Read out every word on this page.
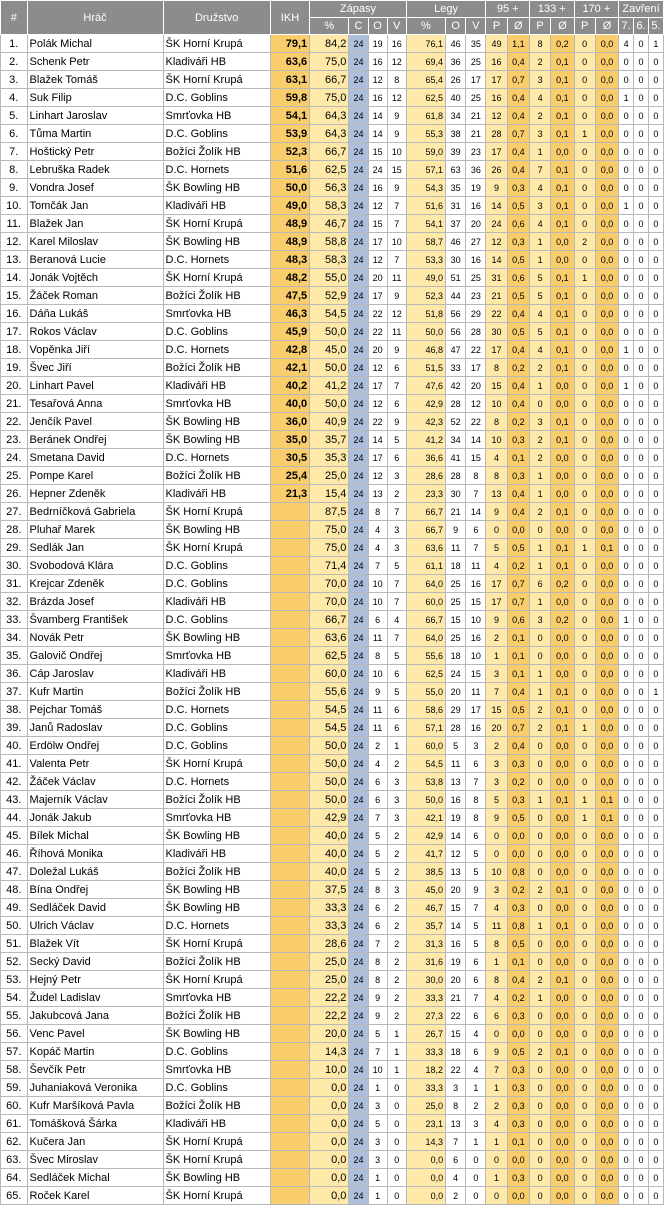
#	Hráč	Družstvo	IKH	Zápasy				Legy			95 +		133 +		170 +		Zavření		
				%	C	O	V	%	O	V	P	Ø	P	Ø	P	Ø	7.	6.	5.
1.	Polák Michal	ŠK Horní Krupá	79,1	84,2	24	19	16	76,1	46	35	49	1,1	8	0,2	0	0,0	4	0	1
2.	Schenk Petr	Kladiváři HB	63,6	75,0	24	16	12	69,4	36	25	16	0,4	2	0,1	0	0,0	0	0	0
3.	Blažek Tomáš	ŠK Horní Krupá	63,1	66,7	24	12	8	65,4	26	17	17	0,7	3	0,1	0	0,0	0	0	0
4.	Suk Filip	D.C. Goblins	59,8	75,0	24	16	12	62,5	40	25	16	0,4	4	0,1	0	0,0	1	0	0
5.	Linhart Jaroslav	Smrťovka HB	54,1	64,3	24	14	9	61,8	34	21	12	0,4	2	0,1	0	0,0	0	0	0
6.	Tůma Martin	D.C. Goblins	53,9	64,3	24	14	9	55,3	38	21	28	0,7	3	0,1	1	0,0	0	0	0
7.	Hoštický Petr	Božíci Žolík HB	52,3	66,7	24	15	10	59,0	39	23	17	0,4	1	0,0	0	0,0	0	0	0
8.	Lebruška Radek	D.C. Hornets	51,6	62,5	24	24	15	57,1	63	36	26	0,4	7	0,1	0	0,0	0	0	0
9.	Vondra Josef	ŠK Bowling HB	50,0	56,3	24	16	9	54,3	35	19	9	0,3	4	0,1	0	0,0	0	0	0
10.	Tomčák Jan	Kladiváři HB	49,0	58,3	24	12	7	51,6	31	16	14	0,5	3	0,1	0	0,0	1	0	0
11.	Blažek Jan	ŠK Horní Krupá	48,9	46,7	24	15	7	54,1	37	20	24	0,6	4	0,1	0	0,0	0	0	0
12.	Karel Miloslav	ŠK Bowling HB	48,9	58,8	24	17	10	58,7	46	27	12	0,3	1	0,0	2	0,0	0	0	0
13.	Beranová Lucie	D.C. Hornets	48,3	58,3	24	12	7	53,3	30	16	14	0,5	1	0,0	0	0,0	0	0	0
14.	Jonák Vojtěch	ŠK Horní Krupá	48,2	55,0	24	20	11	49,0	51	25	31	0,6	5	0,1	1	0,0	0	0	0
15.	Žáček Roman	Božíci Žolík HB	47,5	52,9	24	17	9	52,3	44	23	21	0,5	5	0,1	0	0,0	0	0	0
16.	Dáňa Lukáš	Smrťovka HB	46,3	54,5	24	22	12	51,8	56	29	22	0,4	4	0,1	0	0,0	0	0	0
17.	Rokos Václav	D.C. Goblins	45,9	50,0	24	22	11	50,0	56	28	30	0,5	5	0,1	0	0,0	0	0	0
18.	Vopěnka Jiří	D.C. Hornets	42,8	45,0	24	20	9	46,8	47	22	17	0,4	4	0,1	0	0,0	1	0	0
19.	Švec Jiří	Božíci Žolík HB	42,1	50,0	24	12	6	51,5	33	17	8	0,2	2	0,1	0	0,0	0	0	0
20.	Linhart Pavel	Kladiváři HB	40,2	41,2	24	17	7	47,6	42	20	15	0,4	1	0,0	0	0,0	1	0	0
21.	Tesařová Anna	Smrťovka HB	40,0	50,0	24	12	6	42,9	28	12	10	0,4	0	0,0	0	0,0	0	0	0
22.	Jenčík Pavel	ŠK Bowling HB	36,0	40,9	24	22	9	42,3	52	22	8	0,2	3	0,1	0	0,0	0	0	0
23.	Beránek Ondřej	ŠK Bowling HB	35,0	35,7	24	14	5	41,2	34	14	10	0,3	2	0,1	0	0,0	0	0	0
24.	Smetana David	D.C. Hornets	30,5	35,3	24	17	6	36,6	41	15	4	0,1	2	0,0	0	0,0	0	0	0
25.	Pompe Karel	Božíci Žolík HB	25,4	25,0	24	12	3	28,6	28	8	8	0,3	1	0,0	0	0,0	0	0	0
26.	Hepner Zdeněk	Kladiváři HB	21,3	15,4	24	13	2	23,3	30	7	13	0,4	1	0,0	0	0,0	0	0	0
27.	Bedrníčková Gabriela	ŠK Horní Krupá		87,5	24	8	7	66,7	21	14	9	0,4	2	0,1	0	0,0	0	0	0
28.	Pluhař Marek	ŠK Bowling HB		75,0	24	4	3	66,7	9	6	0	0,0	0	0,0	0	0,0	0	0	0
29.	Sedlák Jan	ŠK Horní Krupá		75,0	24	4	3	63,6	11	7	5	0,5	1	0,1	1	0,1	0	0	0
30.	Svobodová Klára	D.C. Goblins		71,4	24	7	5	61,1	18	11	4	0,2	1	0,1	0	0,0	0	0	0
31.	Krejcar Zdeněk	D.C. Goblins		70,0	24	10	7	64,0	25	16	17	0,7	6	0,2	0	0,0	0	0	0
32.	Brázda Josef	Kladiváři HB		70,0	24	10	7	60,0	25	15	17	0,7	1	0,0	0	0,0	0	0	0
33.	Švamberg František	D.C. Goblins		66,7	24	6	4	66,7	15	10	9	0,6	3	0,2	0	0,0	1	0	0
34.	Novák Petr	ŠK Bowling HB		63,6	24	11	7	64,0	25	16	2	0,1	0	0,0	0	0,0	0	0	0
35.	Galovič Ondřej	Smrťovka HB		62,5	24	8	5	55,6	18	10	1	0,1	0	0,0	0	0,0	0	0	0
36.	Cáp Jaroslav	Kladiváři HB		60,0	24	10	6	62,5	24	15	3	0,1	1	0,0	0	0,0	0	0	0
37.	Kufr Martin	Božíci Žolík HB		55,6	24	9	5	55,0	20	11	7	0,4	1	0,1	0	0,0	0	0	1
38.	Pejchar Tomáš	D.C. Hornets		54,5	24	11	6	58,6	29	17	15	0,5	2	0,1	0	0,0	0	0	0
39.	Janů Radoslav	D.C. Goblins		54,5	24	11	6	57,1	28	16	20	0,7	2	0,1	1	0,0	0	0	0
40.	Erdölw Ondřej	D.C. Goblins		50,0	24	2	1	60,0	5	3	2	0,4	0	0,0	0	0,0	0	0	0
41.	Valenta Petr	ŠK Horní Krupá		50,0	24	4	2	54,5	11	6	3	0,3	0	0,0	0	0,0	0	0	0
42.	Žáček Václav	D.C. Hornets		50,0	24	6	3	53,8	13	7	3	0,2	0	0,0	0	0,0	0	0	0
43.	Majerník Václav	Božíci Žolík HB		50,0	24	6	3	50,0	16	8	5	0,3	1	0,1	1	0,1	0	0	0
44.	Jonák Jakub	Smrťovka HB		42,9	24	7	3	42,1	19	8	9	0,5	0	0,0	1	0,1	0	0	0
45.	Bílek Michal	ŠK Bowling HB		40,0	24	5	2	42,9	14	6	0	0,0	0	0,0	0	0,0	0	0	0
46.	Říhová Monika	Kladiváři HB		40,0	24	5	2	41,7	12	5	0	0,0	0	0,0	0	0,0	0	0	0
47.	Doležal Lukáš	Božíci Žolík HB		40,0	24	5	2	38,5	13	5	10	0,8	0	0,0	0	0,0	0	0	0
48.	Bína Ondřej	ŠK Bowling HB		37,5	24	8	3	45,0	20	9	3	0,2	2	0,1	0	0,0	0	0	0
49.	Sedláček David	ŠK Bowling HB		33,3	24	6	2	46,7	15	7	4	0,3	0	0,0	0	0,0	0	0	0
50.	Ulrich Václav	D.C. Hornets		33,3	24	6	2	35,7	14	5	11	0,8	1	0,1	0	0,0	0	0	0
51.	Blažek Vít	ŠK Horní Krupá		28,6	24	7	2	31,3	16	5	8	0,5	0	0,0	0	0,0	0	0	0
52.	Secký David	Božíci Žolík HB		25,0	24	8	2	31,6	19	6	1	0,1	0	0,0	0	0,0	0	0	0
53.	Hejný Petr	ŠK Horní Krupá		25,0	24	8	2	30,0	20	6	8	0,4	2	0,1	0	0,0	0	0	0
54.	Žudel Ladislav	Smrťovka HB		22,2	24	9	2	33,3	21	7	4	0,2	1	0,0	0	0,0	0	0	0
55.	Jakubcová Jana	Božíci Žolík HB		22,2	24	9	2	27,3	22	6	6	0,3	0	0,0	0	0,0	0	0	0
56.	Venc Pavel	ŠK Bowling HB		20,0	24	5	1	26,7	15	4	0	0,0	0	0,0	0	0,0	0	0	0
57.	Kopáč Martin	D.C. Goblins		14,3	24	7	1	33,3	18	6	9	0,5	2	0,1	0	0,0	0	0	0
58.	Ševčík Petr	Smrťovka HB		10,0	24	10	1	18,2	22	4	7	0,3	0	0,0	0	0,0	0	0	0
59.	Juhaniaková Veronika	D.C. Goblins		0,0	24	1	0	33,3	3	1	1	0,3	0	0,0	0	0,0	0	0	0
60.	Kufr Maršíková Pavla	Božíci Žolík HB		0,0	24	3	0	25,0	8	2	2	0,3	0	0,0	0	0,0	0	0	0
61.	Tomášková Šárka	Kladiváři HB		0,0	24	5	0	23,1	13	3	4	0,3	0	0,0	0	0,0	0	0	0
62.	Kučera Jan	ŠK Horní Krupá		0,0	24	3	0	14,3	7	1	1	0,1	0	0,0	0	0,0	0	0	0
63.	Švec Miroslav	ŠK Horní Krupá		0,0	24	3	0	0,0	6	0	0	0,0	0	0,0	0	0,0	0	0	0
64.	Sedláček Michal	ŠK Bowling HB		0,0	24	1	0	0,0	4	0	1	0,3	0	0,0	0	0,0	0	0	0
65.	Roček Karel	ŠK Horní Krupá		0,0	24	1	0	0,0	2	0	0	0,0	0	0,0	0	0,0	0	0	0
